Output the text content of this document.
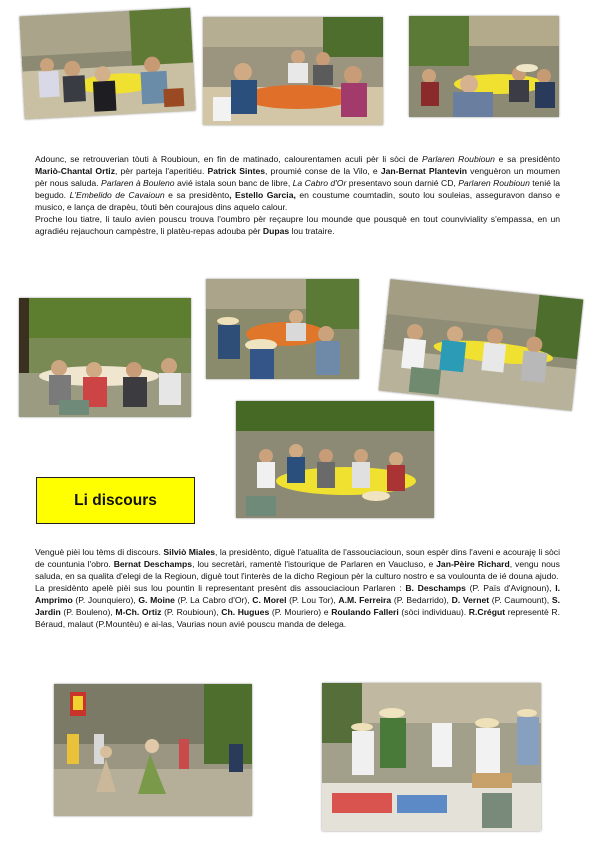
Adounc, se retrouverian tòuti à Roubioun, en fin de matinado, calourentamen aculi pèr li sòci de Parlaren Roubioun e sa presidènto Mariò-Chantal Ortiz, pèr parteja l'aperitiéu. Patrick Sintes, proumié conse de la Vilo, e Jan-Bernat Plantevin venguèron un moumen pèr nous saluda. Parlaren à Bouleno avié istala soun banc de libre, La Cabro d'Or presentavo soun darnié CD, Parlaren Roubioun tenié la begudo. L'Embelido de Cavaioun e sa presidènto, Estello Garcia, en coustume coumtadin, souto lou souleias, asseguravon danso e musico, e lança de drapèu, tòuti bèn courajous dins aquelo calour.

Proche lou tiatre, li taulo avien pouscu trouva l'oumbro pèr reçaupre lou mounde que pousquè en tout counviviality s'empassa, en un agradiéu rejauchoun campèstre, li platèu-repas adouba pèr Dupas lou trataire.

Li discours

Venguè pièi lou tèms di discours. Silviò Miales, la presidènto, diguè l'atualita de l'assouciacioun, soun espèr dins l'aveni e acouraję li sòci de countunia l'obro. Bernat Deschamps, lou secretàri, ramentè l'istourique de Parlaren en Vaucluso, e Jan-Pèire Richard, vengu nous saluda, en sa qualita d'elegi de la Regioun, diguè tout l'interès de la dicho Regioun pèr la culturo nostro e sa voulounta de ié douna ajudo.

La presidènto apelè pièi sus lou pountin li representant presènt dis assouciacioun Parlaren : B. Deschamps (P. Païs d'Avignoun), I. Amprimo (P. Jounquiero), G. Moine (P. La Cabro d'Or), C. Morel (P. Lou Tor), A.M. Ferreira (P. Bedarrido), D. Vernet (P. Caumount), S. Jardin (P. Bouleno), M-Ch. Ortiz (P. Roubioun), Ch. Hugues (P. Mouriero) e Roulando Falleri (sòci individuau). R.Crégut representè R. Béraud, malaut (P.Mountèu) e ai-las, Vaurias noun avié pouscu manda de delega.
